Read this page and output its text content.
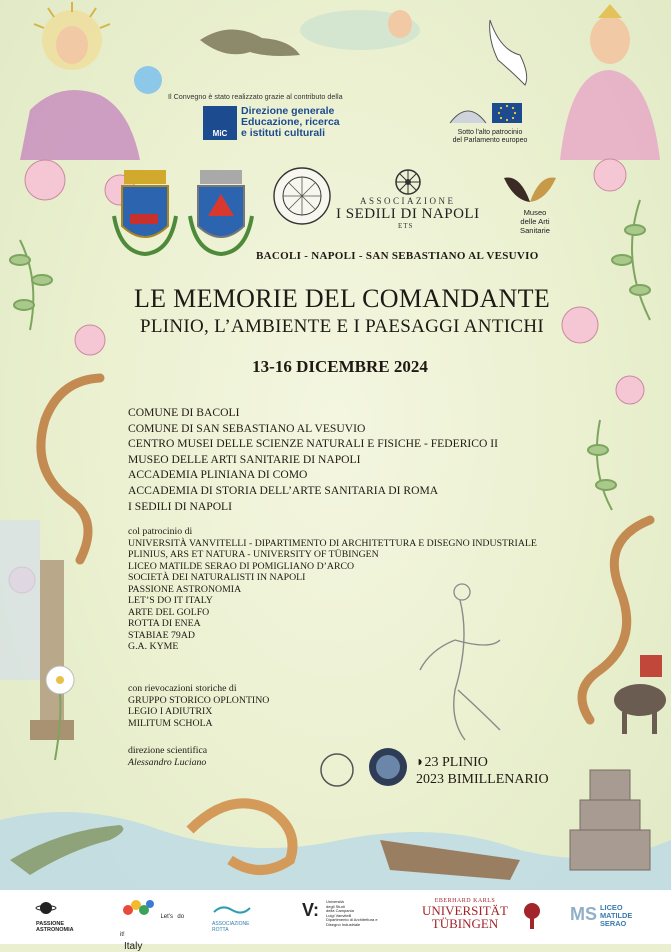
Il Convegno è stato realizzato grazie al contributo della
MiC
Direzione generale
Educazione, ricerca
e istituti culturali	Sotto l'alto patrocinio
del Parlamento europeo
ASSOCIAZIONE
I SEDILI DI NAPOLI
ETS
Museo
delle Arti Sanitarie
BACOLI - NAPOLI - SAN SEBASTIANO AL VESUVIO
LE MEMORIE DEL COMANDANTE
PLINIO, L’AMBIENTE E I PAESAGGI ANTICHI
13-16 DICEMBRE 2024
COMUNE DI BACOLI
COMUNE DI SAN SEBASTIANO AL VESUVIO
CENTRO MUSEI DELLE SCIENZE NATURALI E FISICHE - FEDERICO II
MUSEO DELLE ARTI SANITARIE DI NAPOLI
ACCADEMIA PLINIANA DI COMO
ACCADEMIA DI STORIA DELL’ARTE SANITARIA DI ROMA
I SEDILI DI NAPOLI
col patrocinio di
UNIVERSITÀ VANVITELLI - DIPARTIMENTO DI ARCHITETTURA E DISEGNO INDUSTRIALE
PLINIUS, ARS ET NATURA - UNIVERSITY OF TÜBINGEN
LICEO MATILDE SERAO DI POMIGLIANO D’ARCO
SOCIETÀ DEI NATURALISTI IN NAPOLI
PASSIONE ASTRONOMIA
LET’S DO IT ITALY
ARTE DEL GOLFO
ROTTA DI ENEA
STABIAE 79AD
G.A. KYME
con rievocazioni storiche di
GRUPPO STORICO OPLONTINO
LEGIO I ADIUTRIX
MILITUM SCHOLA
direzione scientifica
Alessandro Luciano	◗23 PLINIO
2023 BIMILLENARIO
PASSIONE
ASTRONOMIA
Let's do it!
Italy
ASSOCIAZIONE
ROTTA
V: Università
degli Studi
della Campania
Luigi Vanvitelli
Dipartimento di Architettura e
Disegno Industriale
EBERHARD KARLS
UNIVERSITÄT
TÜBINGEN	MS LICEO
MATILDE
SERAO
